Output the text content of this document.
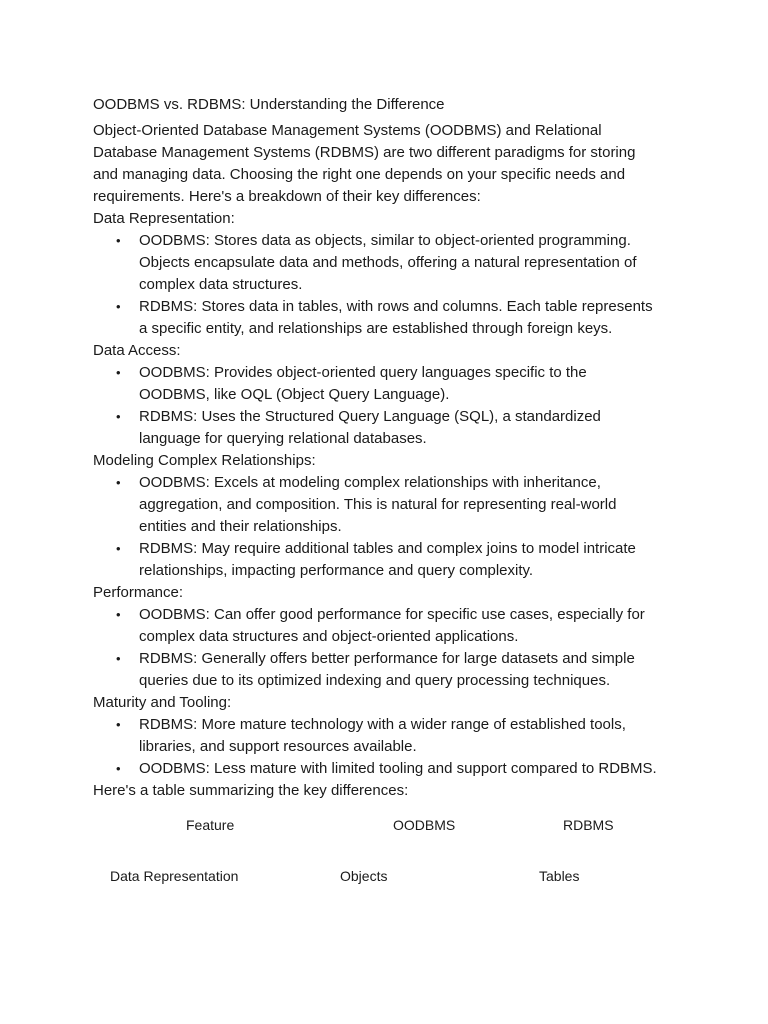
OODBMS vs. RDBMS: Understanding the Difference

Object-Oriented Database Management Systems (OODBMS) and Relational
Database Management Systems (RDBMS) are two different paradigms for storing
and managing data. Choosing the right one depends on your specific needs and
requirements. Here's a breakdown of their key differences:

Data Representation:

• OODBMS: Stores data as objects, similar to object-oriented programming.
Objects encapsulate data and methods, offering a natural representation of
complex data structures.
• RDBMS: Stores data in tables, with rows and columns. Each table represents
a specific entity, and relationships are established through foreign keys.

Data Access:

• OODBMS: Provides object-oriented query languages specific to the
OODBMS, like OQL (Object Query Language).
• RDBMS: Uses the Structured Query Language (SQL), a standardized
language for querying relational databases.

Modeling Complex Relationships:

• OODBMS: Excels at modeling complex relationships with inheritance,
aggregation, and composition. This is natural for representing real-world
entities and their relationships.
• RDBMS: May require additional tables and complex joins to model intricate
relationships, impacting performance and query complexity.

Performance:

• OODBMS: Can offer good performance for specific use cases, especially for
complex data structures and object-oriented applications.
• RDBMS: Generally offers better performance for large datasets and simple
queries due to its optimized indexing and query processing techniques.

Maturity and Tooling:

• RDBMS: More mature technology with a wider range of established tools,
libraries, and support resources available.
• OODBMS: Less mature with limited tooling and support compared to RDBMS.

Here's a table summarizing the key differences:

Feature	OODBMS	RDBMS
Data Representation	Objects	Tables
